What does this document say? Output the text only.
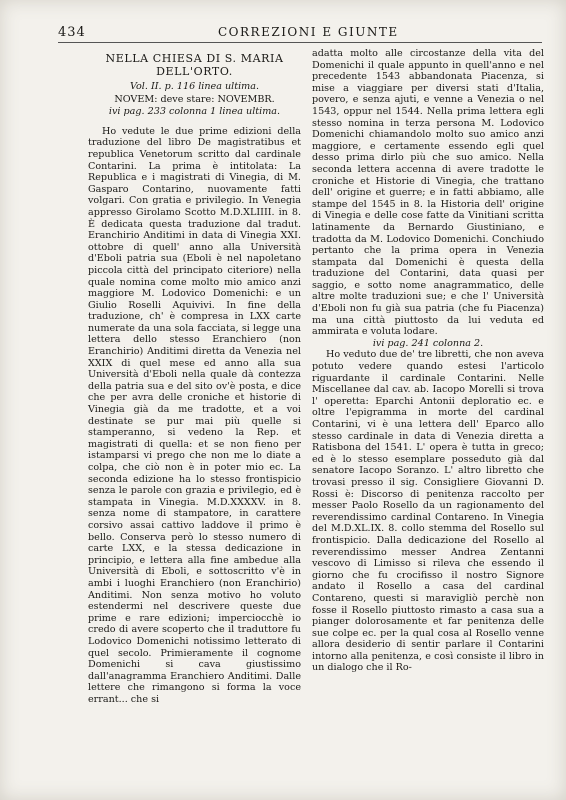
434	CORREZIONI E GIUNTE

NELLA CHIESA DI S. MARIA DELL'ORTO.

Vol. II. p. 116 linea ultima.

NOVEM: deve stare: NOVEMBR.

ivi pag. 233 colonna 1 linea ultima.

Ho vedute le due prime edizioni della traduzione del libro De magistratibus et republica Venetorum scritto dal cardinale Contarini. La prima è intitolata: La Republica e i magistrati di Vinegia, di M. Gasparo Contarino, nuovamente fatti volgari. Con gratia e privilegio. In Venegia appresso Girolamo Scotto M.D.XLIIII. in 8. È dedicata questa traduzione dal tradut. Eranchirio Anditimi in data di Vinegia XXI. ottobre di quell' anno alla Università d'Eboli patria sua (Eboli è nel napoletano piccola città del principato citeriore) nella quale nomina come molto mio amico anzi maggiore M. Lodovico Domenichi: e un Giulio Roselli Aquivivi. In fine della traduzione, ch' è compresa in LXX carte numerate da una sola facciata, si legge una lettera dello stesso Eranchiero (non Eranchirio) Anditimi diretta da Venezia nel XXIX di quel mese ed anno alla sua Università d'Eboli nella quale dà contezza della patria sua e del sito ov'è posta, e dice che per avra delle croniche et historie di Vinegia già da me tradotte, et a voi destinate se pur mai più quelle si stamperanno, si vedeno la Rep. et magistrati di quella: et se non fieno per istamparsi vi prego che non me lo diate a colpa, che ciò non è in poter mio ec. La seconda edizione ha lo stesso frontispicio senza le parole con grazia e privilegio, ed è stampata in Vinegia. M.D.XXXXV. in 8. senza nome di stampatore, in carattere corsivo assai cattivo laddove il primo è bello. Conserva però lo stesso numero di carte LXX, e la stessa dedicazione in principio, e lettera alla fine ambedue alla Università di Eboli, e sottoscritto v'è in ambi i luoghi Eranchiero (non Eranchirio) Anditimi. Non senza motivo ho voluto estendermi nel descrivere queste due prime e rare edizioni; imperciocchè io credo di avere scoperto che il traduttore fu Lodovico Domenichi notissimo letterato di quel secolo. Primieramente il cognome Domenichi si cava giustissimo dall'anagramma Eranchiero Anditimi. Dalle lettere che rimangono si forma la voce errant... che si

adatta molto alle circostanze della vita del Domenichi il quale appunto in quell'anno e nel precedente 1543 abbandonata Piacenza, si mise a viaggiare per diversi stati d'Italia, povero, e senza ajuti, e venne a Venezia o nel 1543, oppur nel 1544. Nella prima lettera egli stesso nomina in terza persona M. Lodovico Domenichi chiamandolo molto suo amico anzi maggiore, e certamente essendo egli quel desso prima dirlo più che suo amico. Nella seconda lettera accenna di avere tradotte le croniche et Historie di Vinegia, che trattano dell' origine et guerre; e in fatti abbiamo, alle stampe del 1545 in 8. la Historia dell' origine di Vinegia e delle cose fatte da Vinitiani scritta latinamente da Bernardo Giustiniano, e tradotta da M. Lodovico Domenichi. Conchiudo pertanto che la prima opera in Venezia stampata dal Domenichi è questa della traduzione del Contarini, data quasi per saggio, e sotto nome anagrammatico, delle altre molte traduzioni sue; e che l' Università d'Eboli non fu già sua patria (che fu Piacenza) ma una città piuttosto da lui veduta ed ammirata e voluta lodare.

ivi pag. 241 colonna 2.

Ho veduto due de' tre libretti, che non aveva potuto vedere quando estesi l'articolo riguardante il cardinale Contarini. Nelle Miscellanee dal cav. ab. Iacopo Morelli si trova l' operetta: Eparchi Antonii deploratio ec. e oltre l'epigramma in morte del cardinal Contarini, vi è una lettera dell' Eparco allo stesso cardinale in data di Venezia diretta a Ratisbona del 1541. L' opera è tutta in greco; ed è lo stesso esemplare posseduto già dal senatore Iacopo Soranzo. L' altro libretto che trovasi presso il sig. Consigliere Giovanni D. Rossi è: Discorso di penitenza raccolto per messer Paolo Rosello da un ragionamento del reverendissimo cardinal Contareno. In Vinegia del M.D.XL.IX. 8. collo stemma del Rosello sul frontispicio. Dalla dedicazione del Rosello al reverendissimo messer Andrea Zentanni vescovo di Limisso si rileva che essendo il giorno che fu crocifisso il nostro Signore andato il Rosello a casa del cardinal Contareno, questi si maravigliò perchè non fosse il Rosello piuttosto rimasto a casa sua a pianger dolorosamente et far penitenza delle sue colpe ec. per la qual cosa al Rosello venne allora desiderio di sentir parlare il Contarini intorno alla penitenza, e così consiste il libro in un dialogo che il Ro-
